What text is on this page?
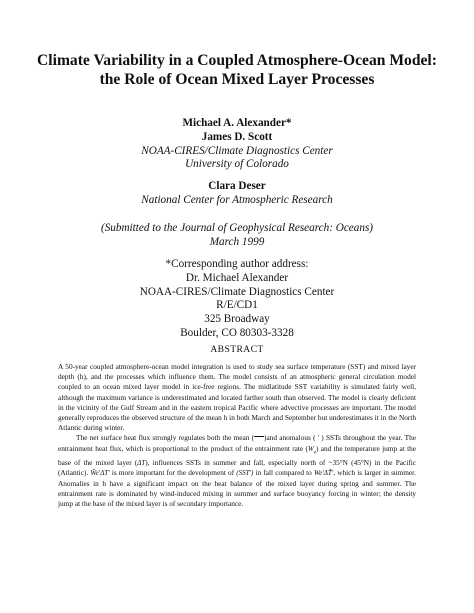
Climate Variability in a Coupled Atmosphere-Ocean Model:
the Role of Ocean Mixed Layer Processes
Michael A. Alexander*
James D. Scott
NOAA-CIRES/Climate Diagnostics Center
University of Colorado
Clara Deser
National Center for Atmospheric Research
(Submitted to the Journal of Geophysical Research: Oceans)
March 1999
*Corresponding author address:
Dr. Michael Alexander
NOAA-CIRES/Climate Diagnostics Center
R/E/CD1
325 Broadway
Boulder, CO 80303-3328
ABSTRACT

A 50-year coupled atmosphere-ocean model integration is used to study sea surface temperature (SST) and mixed layer depth (h), and the processes which influence them. The model consists of an atmospheric general circulation model coupled to an ocean mixed layer model in ice-free regions. The midlatitude SST variability is simulated fairly well, although the maximum variance is underestimated and located farther south than observed. The model is clearly deficient in the vicinity of the Gulf Stream and in the eastern tropical Pacific where advective processes are important. The model generally reproduces the observed structure of the mean h in both March and September but underestimates it in the North Atlantic during winter.

The net surface heat flux strongly regulates both the mean ( )and anomalous ( ' ) SSTs throughout the year. The entrainment heat flux, which is proportional to the product of the entrainment rate $(W_e)$ and the temperature jump at the base of the mixed layer (ΔT), influences SSTs in summer and fall, especially north of ~35°N (45°N) in the Pacific (Atlantic). W̄e'ΔT' is more important for the development of (SST') in fall compared to We'ΔT̄', which is larger in summer. Anomalies in h have a significant impact on the heat balance of the mixed layer during spring and summer. The entrainment rate is dominated by wind-induced mixing in summer and surface buoyancy forcing in winter; the density jump at the base of the mixed layer is of secondary importance.
